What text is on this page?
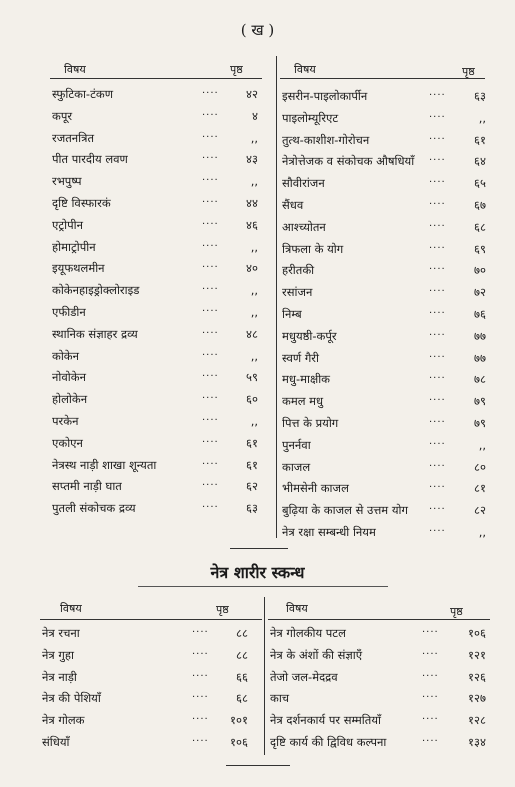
( ख )
विषय	पृष्ठ	विषय	पृष्ठ
स्फुटिका-टंकण	····	४२
कपूर	····	४
रजतनत्रित	····	,,
पीत पारदीय लवण	····	४३
रभपुष्प	····	,,
दृष्टि विस्फारकं	····	४४
एट्रोपीन	····	४६
होमाट्रोपीन	····	,,
इयूफथलमीन	····	४०
कोकेनहाइड्रोक्लोराइड	····	,,
एफीडीन	····	,,
स्थानिक संज्ञाहर द्रव्य	····	४८
कोकेन	····	,,
नोवोकेन	····	५९
होलोकेन	····	६०
परकेन	····	,,
एकोएन	····	६१
नेत्रस्थ नाड़ी शाखा शून्यता	····	६१
सप्तमी नाड़ी घात	····	६२
पुतली संकोचक द्रव्य	····	६३
इसरीन-पाइलोकार्पीन	····	६३
पाइलोम्यूरिएट	····	,,
तुत्थ-काशीश-गोरोचन	····	६१
नेत्रोत्तेजक व संकोचक औषधियाँ ····	६४
सौवीरांजन	····	६५
सैंधव	····	६७
आश्च्योतन	····	६८
त्रिफला के योग	····	६९
हरीतकी	····	७०
रसांजन	····	७२
निम्ब	····	७६
मधुयष्ठी-कर्पूर	····	७७
स्वर्ण गैरी	····	७७
मधु-माक्षीक	····	७८
कमल मधु	····	७९
पित्त के प्रयोग	····	७९
पुनर्नवा	····	,,
काजल	····	८०
भीमसेनी काजल	····	८१
बुढ़िया के काजल से उत्तम योग ····	८२
नेत्र रक्षा सम्बन्धी नियम	····	,,
नेत्र शारीर स्कन्ध
विषय	पृष्ठ	विषय	पृष्ठ
नेत्र रचना	····	८८
नेत्र गुहा	····	८८
नेत्र नाड़ी	····	६६
नेत्र की पेशियाँ	····	६८
नेत्र गोलक	····	१०१
संधियाँ	····	१०६
नेत्र गोलकीय पटल	····	१०६
नेत्र के अंशों की संज्ञाएँ	····	१२१
तेजो जल-मेदद्रव	····	१२६
काच	····	१२७
नेत्र दर्शनकार्य पर सम्मतियाँ	····	१२८
दृष्टि कार्य की द्विविध कल्पना	····	१३४
